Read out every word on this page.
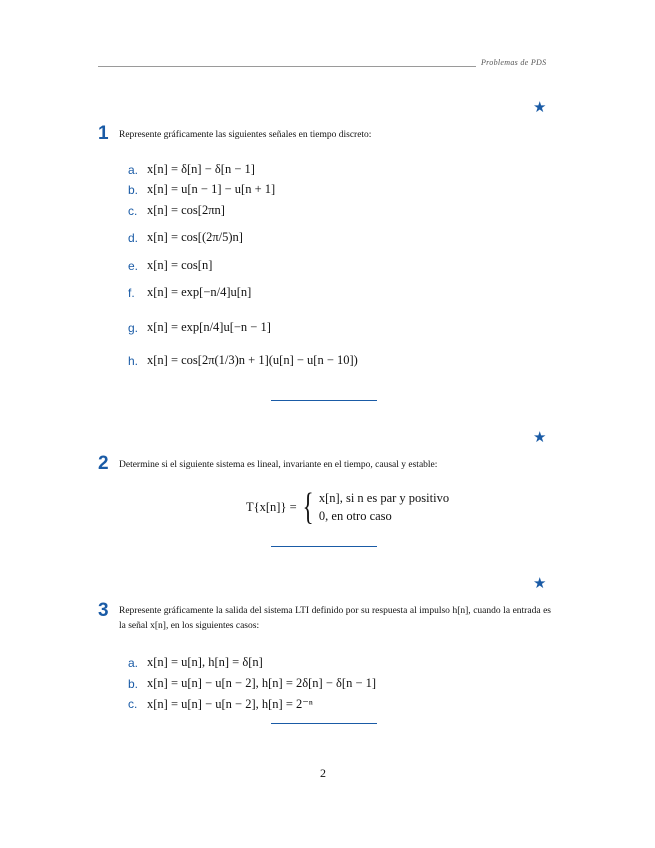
Problemas de PDS
★
1 Represente gráficamente las siguientes señales en tiempo discreto:
a. x[n] = δ[n] − δ[n − 1]
b. x[n] = u[n − 1] − u[n + 1]
c. x[n] = cos[2πn]
d. x[n] = cos[(2π/5)n]
e. x[n] = cos[n]
f. x[n] = exp[−n/4]u[n]
g. x[n] = exp[n/4]u[−n − 1]
h. x[n] = cos[2π(1/3)n + 1](u[n] − u[n − 10])
★
2 Determine si el siguiente sistema es lineal, invariante en el tiempo, causal y estable:
T{x[n]} = { x[n], si n es par y positivo
0, en otro caso
★
3 Represente gráficamente la salida del sistema LTI definido por su respuesta al impulso h[n], cuando la entrada es la señal x[n], en los siguientes casos:
a. x[n] = u[n], h[n] = δ[n]
b. x[n] = u[n] − u[n − 2], h[n] = 2δ[n] − δ[n − 1]
c. x[n] = u[n] − u[n − 2], h[n] = 2⁻ⁿ
2
